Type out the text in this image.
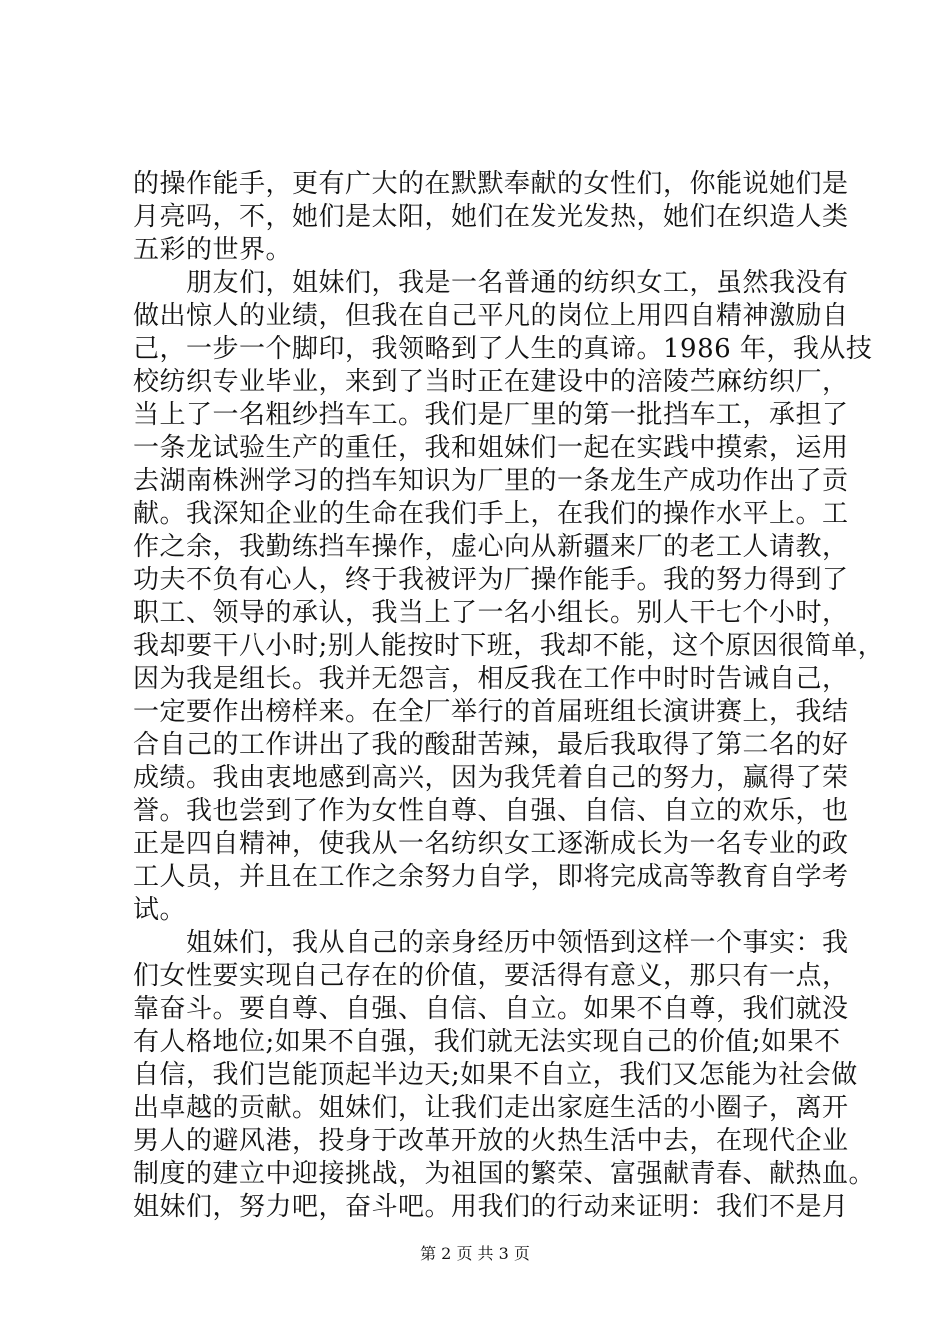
的操作能手，更有广大的在默默奉献的女性们，你能说她们是
月亮吗，不，她们是太阳，她们在发光发热，她们在织造人类
五彩的世界。
　　朋友们，姐妹们，我是一名普通的纺织女工，虽然我没有
做出惊人的业绩，但我在自己平凡的岗位上用四自精神激励自
己，一步一个脚印，我领略到了人生的真谛。1986 年，我从技
校纺织专业毕业，来到了当时正在建设中的涪陵苎麻纺织厂，
当上了一名粗纱挡车工。我们是厂里的第一批挡车工，承担了
一条龙试验生产的重任，我和姐妹们一起在实践中摸索，运用
去湖南株洲学习的挡车知识为厂里的一条龙生产成功作出了贡
献。我深知企业的生命在我们手上，在我们的操作水平上。工
作之余，我勤练挡车操作，虚心向从新疆来厂的老工人请教，
功夫不负有心人，终于我被评为厂操作能手。我的努力得到了
职工、领导的承认，我当上了一名小组长。别人干七个小时，
我却要干八小时;别人能按时下班，我却不能，这个原因很简单，
因为我是组长。我并无怨言，相反我在工作中时时告诫自己，
一定要作出榜样来。在全厂举行的首届班组长演讲赛上，我结
合自己的工作讲出了我的酸甜苦辣，最后我取得了第二名的好
成绩。我由衷地感到高兴，因为我凭着自己的努力，赢得了荣
誉。我也尝到了作为女性自尊、自强、自信、自立的欢乐，也
正是四自精神，使我从一名纺织女工逐渐成长为一名专业的政
工人员，并且在工作之余努力自学，即将完成高等教育自学考
试。
　　姐妹们，我从自己的亲身经历中领悟到这样一个事实：我
们女性要实现自己存在的价值，要活得有意义，那只有一点，
靠奋斗。要自尊、自强、自信、自立。如果不自尊，我们就没
有人格地位;如果不自强，我们就无法实现自己的价值;如果不
自信，我们岂能顶起半边天;如果不自立，我们又怎能为社会做
出卓越的贡献。姐妹们，让我们走出家庭生活的小圈子，离开
男人的避风港，投身于改革开放的火热生活中去，在现代企业
制度的建立中迎接挑战，为祖国的繁荣、富强献青春、献热血。
姐妹们，努力吧，奋斗吧。用我们的行动来证明：我们不是月
第 2 页 共 3 页
